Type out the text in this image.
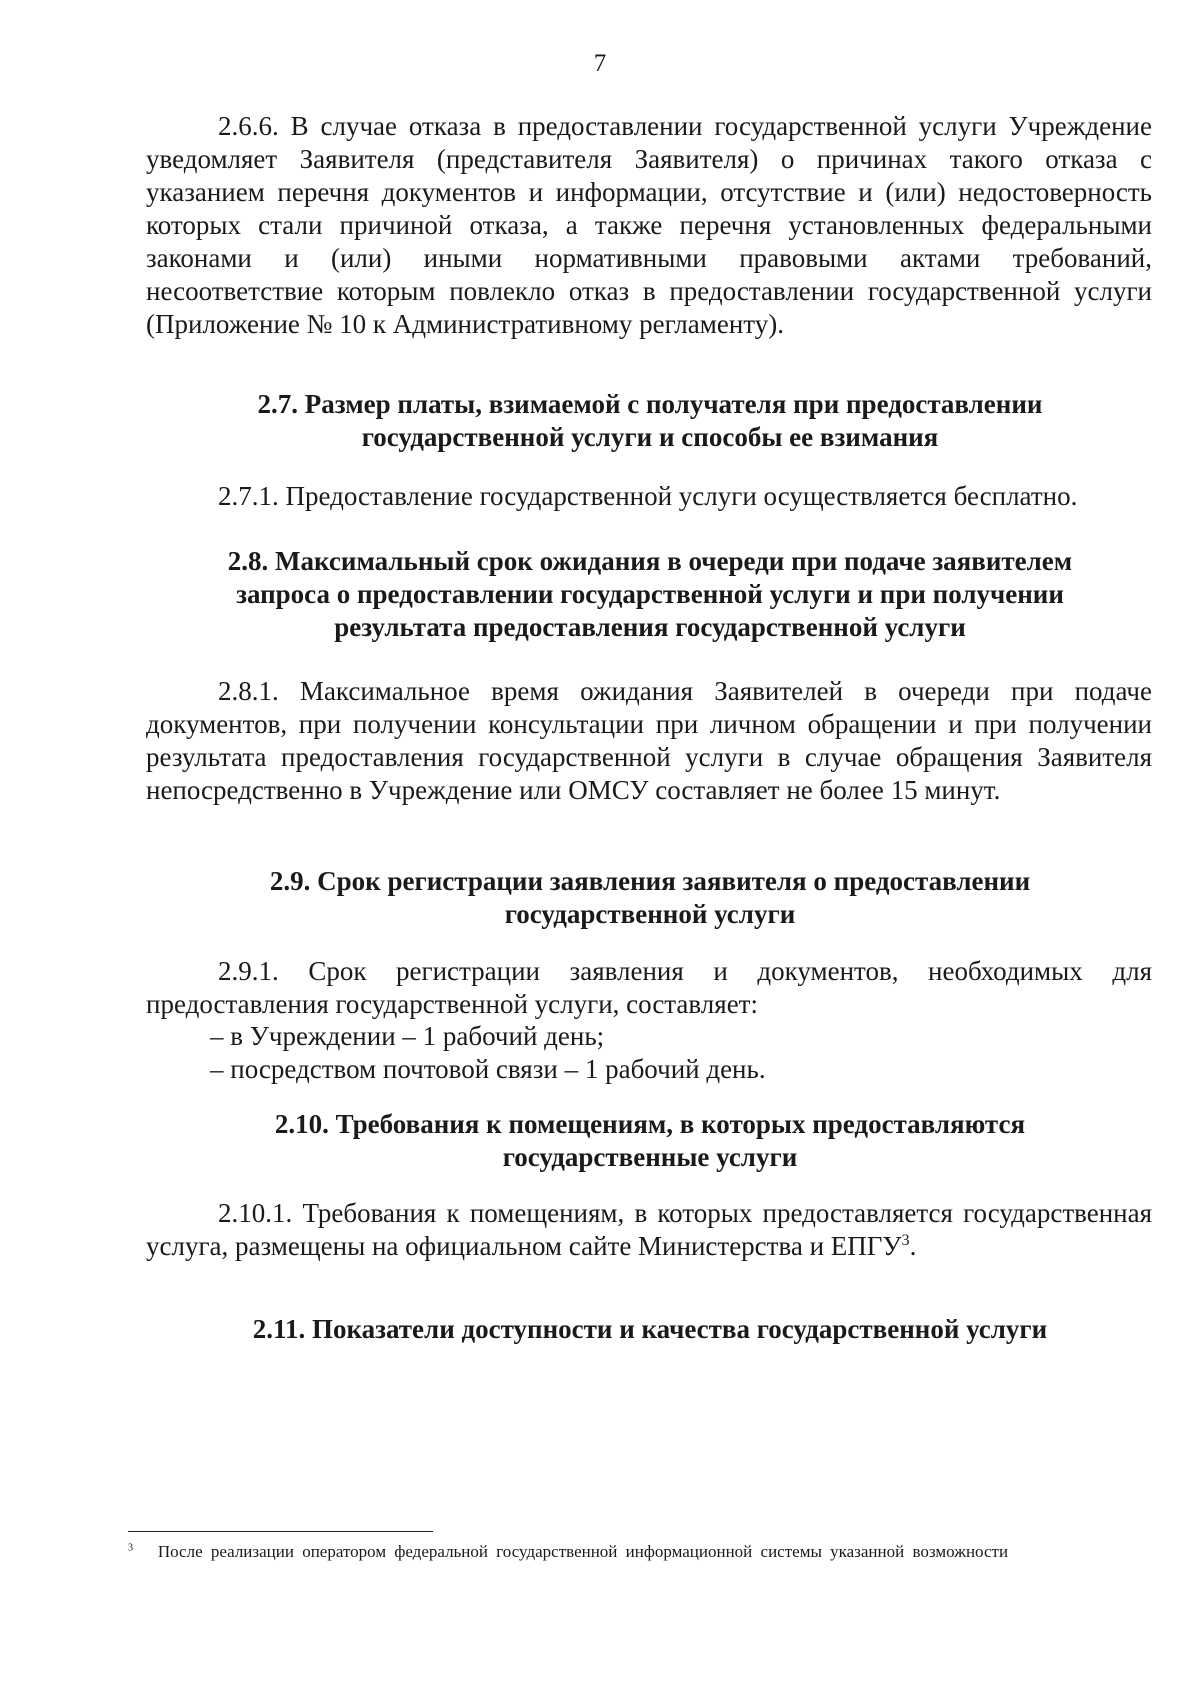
7
2.6.6. В случае отказа в предоставлении государственной услуги Учреждение уведомляет Заявителя (представителя Заявителя) о причинах такого отказа с указанием перечня документов и информации, отсутствие и (или) недостоверность которых стали причиной отказа, а также перечня установленных федеральными законами и (или) иными нормативными правовыми актами требований, несоответствие которым повлекло отказ в предоставлении государственной услуги (Приложение № 10 к Административному регламенту).
2.7. Размер платы, взимаемой с получателя при предоставлении
государственной услуги и способы ее взимания
2.7.1. Предоставление государственной услуги осуществляется бесплатно.
2.8. Максимальный срок ожидания в очереди при подаче заявителем
запроса о предоставлении государственной услуги и при получении
результата предоставления государственной услуги
2.8.1. Максимальное время ожидания Заявителей в очереди при подаче документов, при получении консультации при личном обращении и при получении результата предоставления государственной услуги в случае обращения Заявителя непосредственно в Учреждение или ОМСУ составляет не более 15 минут.
2.9. Срок регистрации заявления заявителя о предоставлении
государственной услуги
2.9.1. Срок регистрации заявления и документов, необходимых для предоставления государственной услуги, составляет:
– в Учреждении – 1 рабочий день;
– посредством почтовой связи – 1 рабочий день.
2.10. Требования к помещениям, в которых предоставляются
государственные услуги
2.10.1. Требования к помещениям, в которых предоставляется государственная услуга, размещены на официальном сайте Министерства и ЕПГУ$^3$.
2.11. Показатели доступности и качества государственной услуги
$^3$ После реализации оператором федеральной государственной информационной системы указанной возможности
